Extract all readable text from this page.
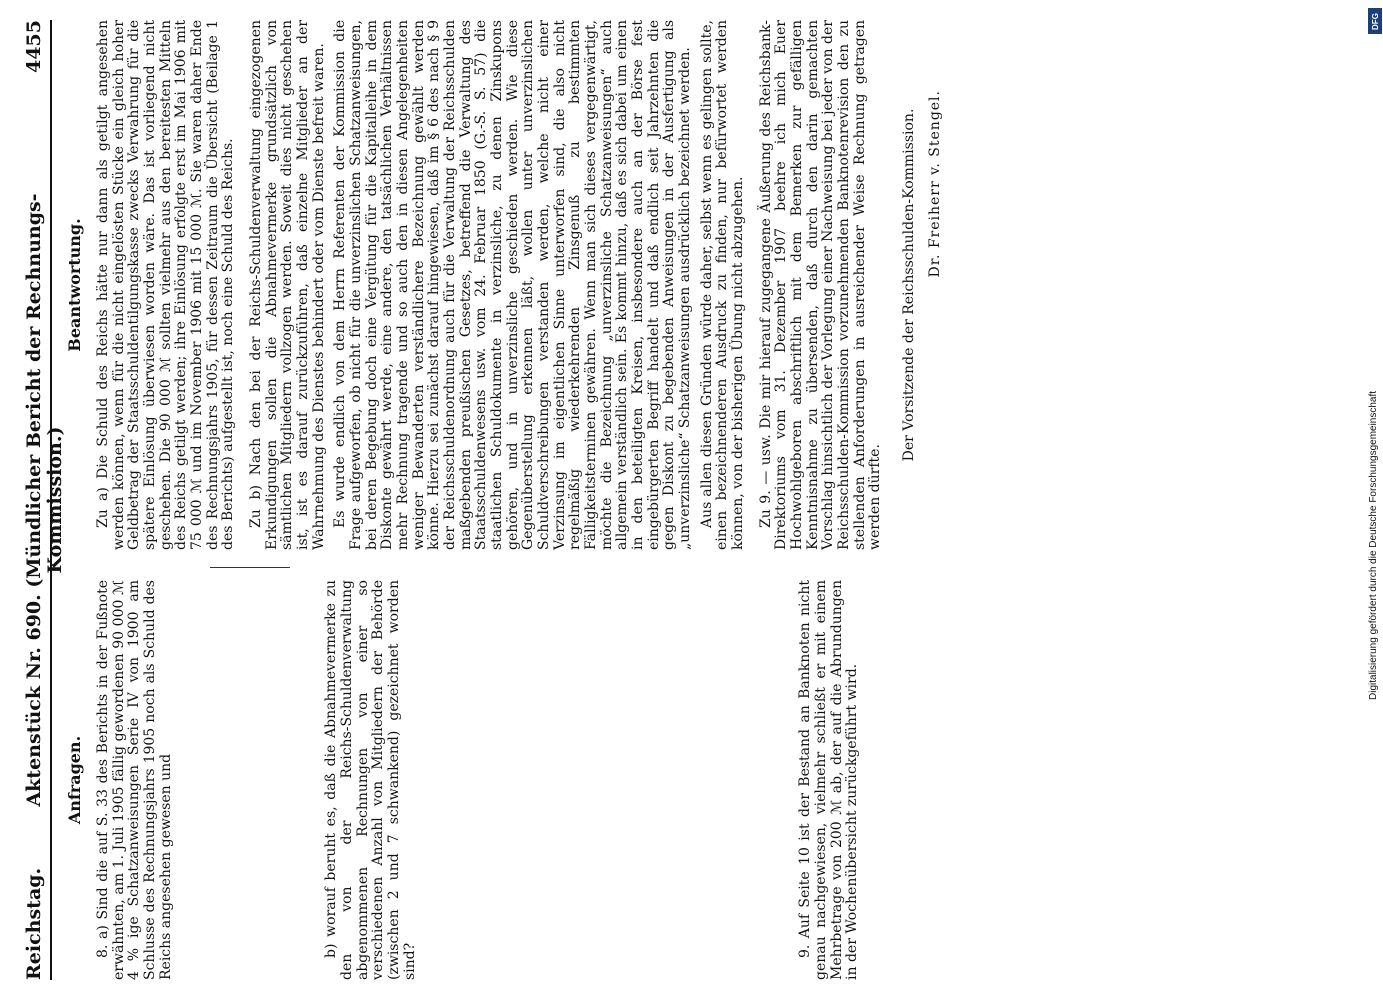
Reichstag.
Aktenstück Nr. 690. (Mündlicher Bericht der Rechnungs-Kommission.)
4455
Anfragen. 8. a) Sind die auf S. 33 des Berichts in der Fußnote erwähnten, am 1. Juli 1905 fällig gewordenen 90 000 ℳ 4 % ige Schatzanweisungen Serie IV von 1900 am Schlusse des Rechnungsjahrs 1905 noch als Schuld des Reichs angesehen gewesen und	b) worauf beruht es, daß die Abnahmevermerke zu den von der Reichs-Schuldenverwaltung abgenommenen Rechnungen von einer so verschiedenen Anzahl von Mitgliedern der Behörde (zwischen 2 und 7 schwankend) gezeichnet worden sind?

9. Auf Seite 10 ist der Bestand an Banknoten nicht genau nachgewiesen, vielmehr schließt er mit einem Mehrbetrage von 200 ℳ ab, der auf die Abrundungen in der Wochenübersicht zurückgeführt wird.

Beantwortung. Zu a) Die Schuld des Reichs hätte nur dann als getilgt angesehen werden können, wenn für die nicht eingelösten Stücke ein gleich hoher Geldbetrag der Staatsschuldentilgungskasse zwecks Verwahrung für die spätere Einlösung überwiesen worden wäre. Das ist vorliegend nicht geschehen. Die 90 000 ℳ sollten vielmehr aus den bereitesten Mitteln des Reichs getilgt werden; ihre Einlösung erfolgte erst im Mai 1906 mit 75 000 ℳ und im November 1906 mit 15 000 ℳ. Sie waren daher Ende des Rechnungsjahrs 1905, für dessen Zeitraum die Übersicht (Beilage 1 des Berichts) aufgestellt ist, noch eine Schuld des Reichs. Zu b) Nach den bei der Reichs-Schuldenverwaltung eingezogenen Erkundigungen sollen die Abnahmevermerke grundsätzlich von sämtlichen Mitgliedern vollzogen werden. Soweit dies nicht geschehen ist, ist es darauf zurückzuführen, daß einzelne Mitglieder an der Wahrnehmung des Dienstes behindert oder vom Dienste befreit waren. Es wurde endlich von dem Herrn Referenten der Kommission die Frage aufgeworfen, ob nicht für die unverzinslichen Schatzanweisungen, bei deren Begebung doch eine Vergütung für die Kapitalleihe in dem Diskonte gewährt werde, eine andere, den tatsächlichen Verhältnissen mehr Rechnung tragende und so auch den in diesen Angelegenheiten weniger Bewanderten verständlichere Bezeichnung gewählt werden könne. Hierzu sei zunächst darauf hingewiesen, daß im § 6 des nach § 9 der Reichsschuldenordnung auch für die Verwaltung der Reichsschulden maßgebenden preußischen Gesetzes, betreffend die Verwaltung des Staatsschuldenwesens usw. vom 24. Februar 1850 (G.-S. S. 57) die staatlichen Schuldokumente in verzinsliche, zu denen Zinskupons gehören, und in unverzinsliche geschieden werden. Wie diese Gegenüberstellung erkennen läßt, wollen unter unverzinslichen Schuldverschreibungen verstanden werden, welche nicht einer Verzinsung im eigentlichen Sinne unterworfen sind, die also nicht regelmäßig wiederkehrenden Zinsgenuß zu bestimmten Fälligkeitsterminen gewähren. Wenn man sich dieses vergegenwärtigt, möchte die Bezeichnung „unverzinsliche Schatzanweisungen“ auch allgemein verständlich sein. Es kommt hinzu, daß es sich dabei um einen in den beteiligten Kreisen, insbesondere auch an der Börse fest eingebürgerten Begriff handelt und daß endlich seit Jahrzehnten die gegen Diskont zu begebenden Anweisungen in der Ausfertigung als „unverzinsliche“ Schatzanweisungen ausdrücklich bezeichnet werden. Aus allen diesen Gründen würde daher, selbst wenn es gelingen sollte, einen bezeichnenderen Ausdruck zu finden, nur befürwortet werden können, von der bisherigen Übung nicht abzugehen. Zu 9. — usw. Die mir hierauf zugegangene Äußerung des Reichsbank-Direktoriums vom 31. Dezember 1907 beehre ich mich Euer Hochwohlgeboren abschriftlich mit dem Bemerken zur gefälligen Kenntnisnahme zu übersenden, daß durch den darin gemachten Vorschlag hinsichtlich der Vorlegung einer Nachweisung bei jeder von der Reichsschulden-Kommission vorzunehmenden Banknotenrevision den zu stellenden Anforderungen in ausreichender Weise Rechnung getragen werden dürfte.

Der Vorsitzende der Reichsschulden-Kommission. Dr. Freiherr v. Stengel.

DFG
Digitalisierung gefördert durch die Deutsche Forschungsgemeinschaft
